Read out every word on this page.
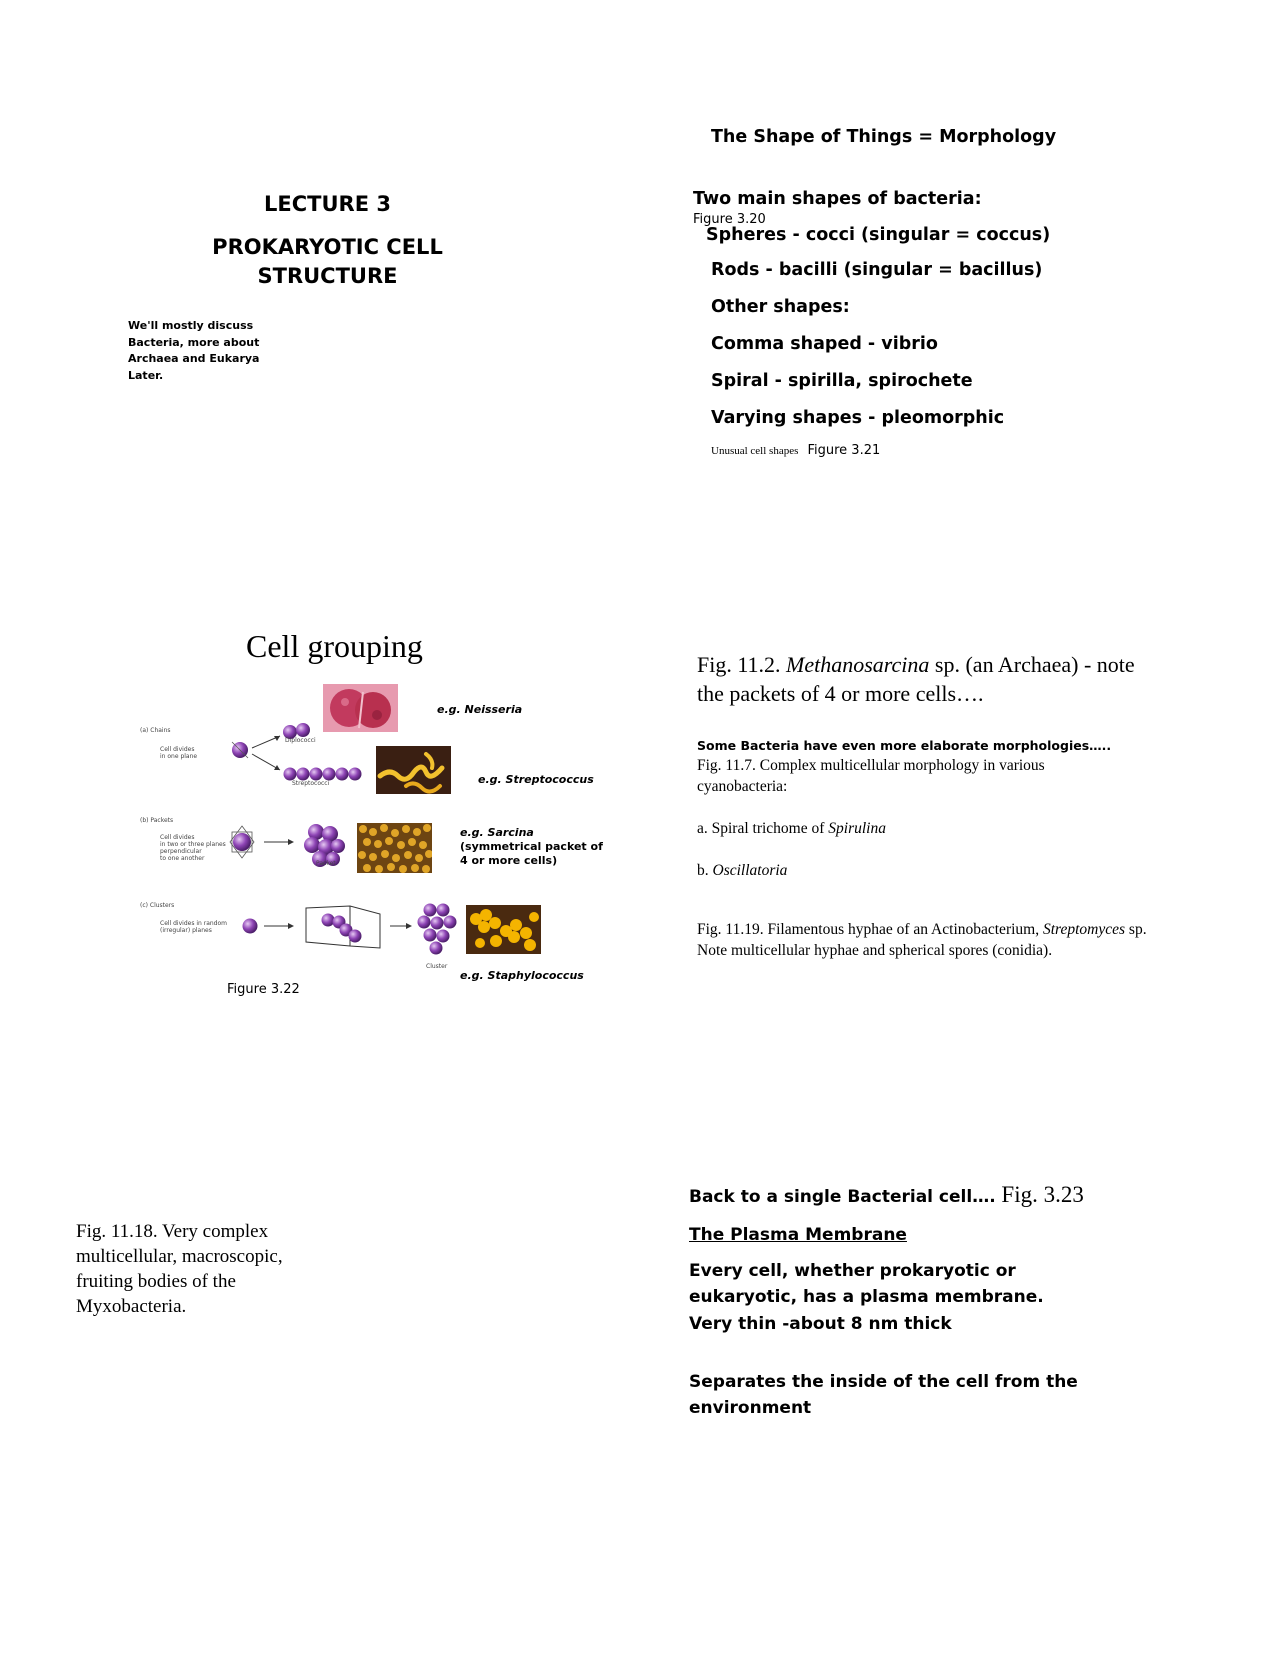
LECTURE 3
PROKARYOTIC CELL
STRUCTURE
We'll mostly discuss
Bacteria, more about
Archaea and Eukarya
Later.
The Shape of Things = Morphology
Two main shapes of bacteria:
Figure 3.20
Spheres - cocci (singular = coccus)
Rods - bacilli (singular = bacillus)
Other shapes:
Comma shaped - vibrio
Spiral - spirilla, spirochete
Varying shapes - pleomorphic
Unusual cell shapes Figure 3.21
Cell grouping
e.g. Neisseria
(a) Chains
Cell divides
in one plane
Diplococci
Streptococci	e.g. Streptococcus
(b) Packets
Cell divides
in two or three planes
perpendicular
to one another
Packet
e.g. Sarcina
(symmetrical packet of
4 or more cells)
(c) Clusters
Cell divides in random
(irregular) planes
Cluster
e.g. Staphylococcus
Figure 3.22
Fig. 11.2. Methanosarcina sp. (an Archaea) - note the packets of 4 or more cells….
Some Bacteria have even more elaborate morphologies…..
Fig. 11.7. Complex multicellular morphology in various cyanobacteria:
a. Spiral trichome of Spirulina
b. Oscillatoria
Fig. 11.19. Filamentous hyphae of an Actinobacterium, Streptomyces sp. Note multicellular hyphae and spherical spores (conidia).
Fig. 11.18. Very complex multicellular, macroscopic, fruiting bodies of the Myxobacteria.
Back to a single Bacterial cell…. Fig. 3.23
The Plasma Membrane
Every cell, whether prokaryotic or
eukaryotic, has a plasma membrane.
Very thin -about 8 nm thick
Separates the inside of the cell from the
environment
